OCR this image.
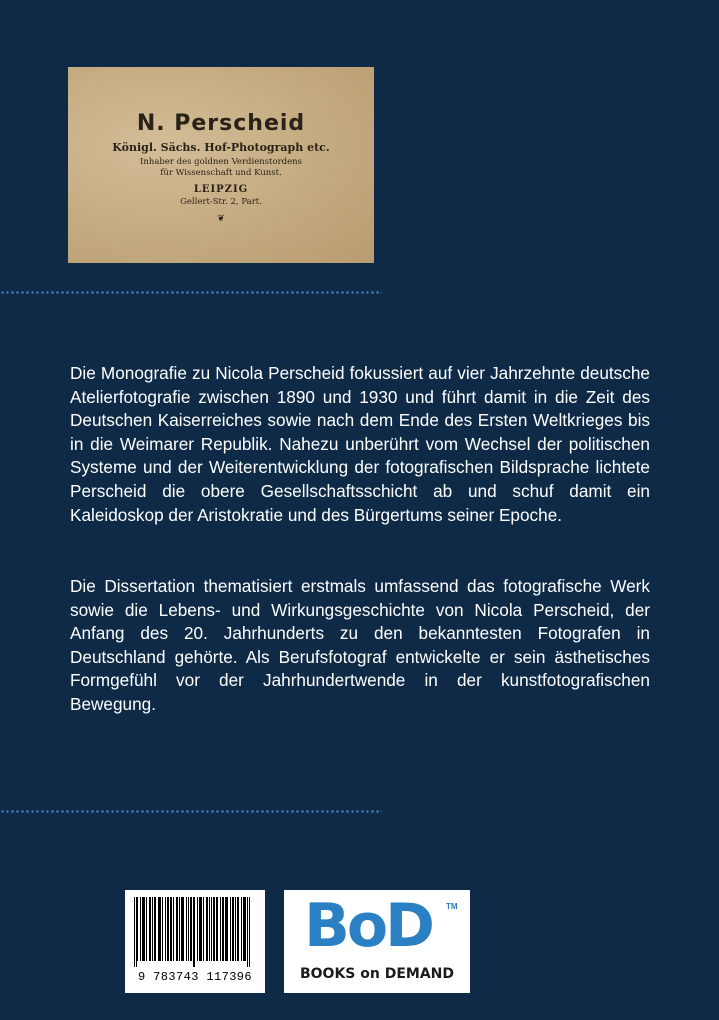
N. Perscheid
Königl. Sächs. Hof-Photograph etc.
Inhaber des goldnen Verdienstordens
für Wissenschaft und Kunst.
LEIPZIG
Gellert-Str. 2, Part.
❦

Die Monografie zu Nicola Perscheid fokussiert auf vier Jahrzehnte deutsche Atelierfotografie zwischen 1890 und 1930 und führt damit in die Zeit des Deutschen Kaiserreiches sowie nach dem Ende des Ersten Weltkrieges bis in die Weimarer Republik. Nahezu unberührt vom Wechsel der politischen Systeme und der Weiterentwicklung der fotografischen Bildsprache lichtete Perscheid die obere Gesellschaftsschicht ab und schuf damit ein Kaleidoskop der Aristokratie und des Bürgertums seiner Epoche.

Die Dissertation thematisiert erstmals umfassend das fotografische Werk sowie die Lebens- und Wirkungsgeschichte von Nicola Perscheid, der Anfang des 20. Jahrhunderts zu den bekanntesten Fotografen in Deutschland gehörte. Als Berufsfotograf entwickelte er sein ästhetisches Formgefühl vor der Jahrhundertwende in der kunstfotografischen Bewegung.

9 783743 117396
BoD	TM
BOOKS on DEMAND
